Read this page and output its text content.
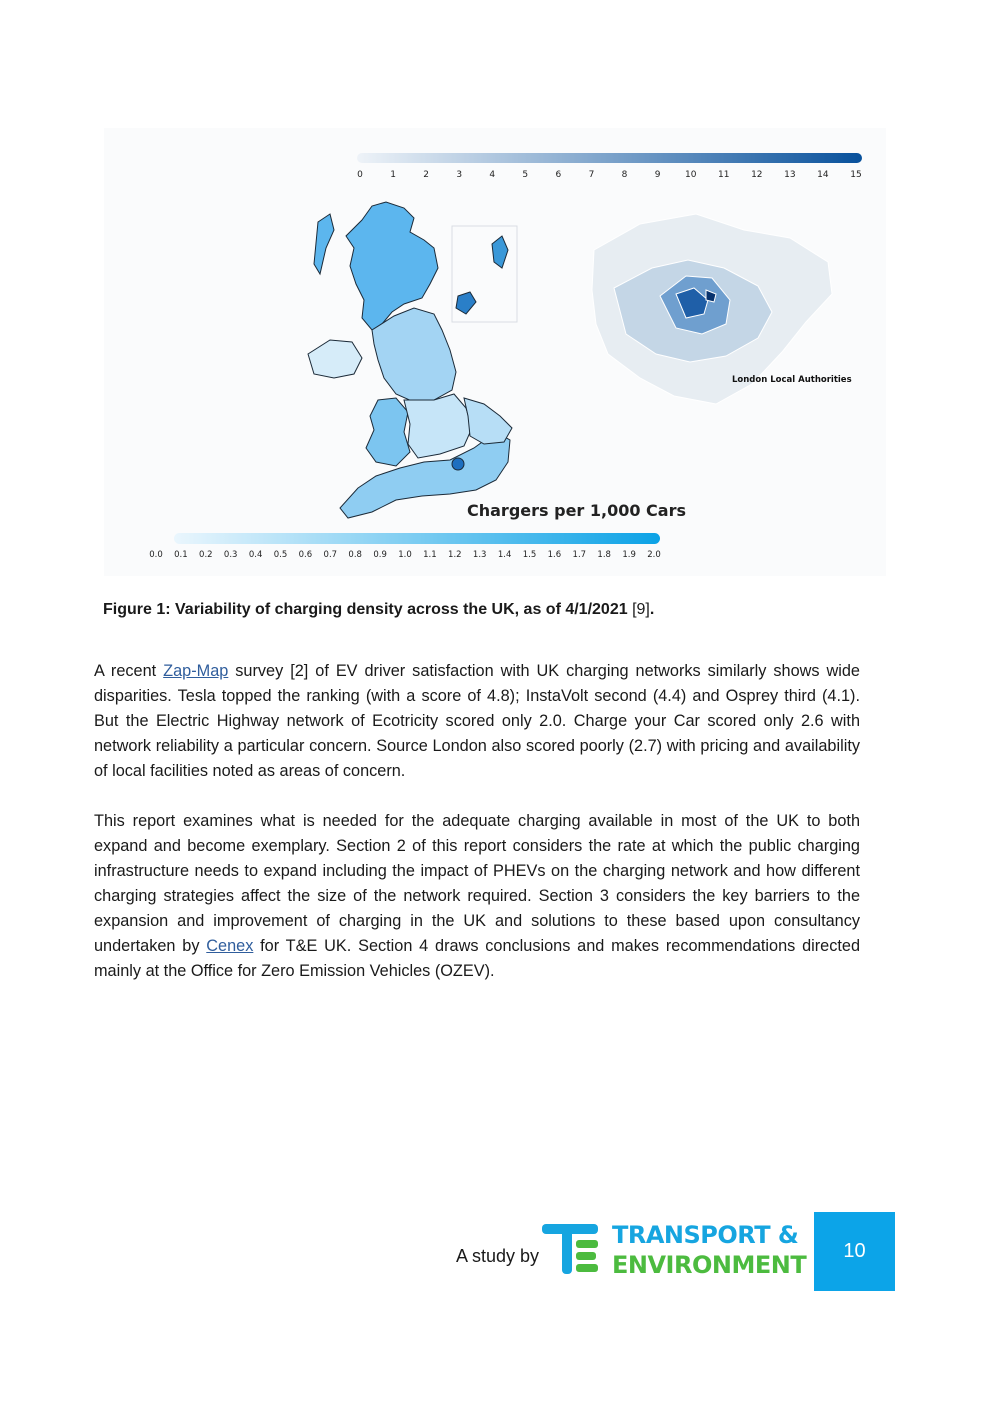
0	1	2	3	4	5	6	7	8	9	10 11 12 13 14 15
London Local Authorities
Chargers per 1,000 Cars
0.0 0.1 0.2 0.3 0.4 0.5 0.6 0.7 0.8 0.9 1.0 1.1 1.2 1.3 1.4 1.5 1.6 1.7 1.8 1.9 2.0
Figure 1: Variability of charging density across the UK, as of 4/1/2021 [9].

A recent Zap-Map survey [2] of EV driver satisfaction with UK charging networks similarly shows wide disparities. Tesla topped the ranking (with a score of 4.8); InstaVolt second (4.4) and Osprey third (4.1). But the Electric Highway network of Ecotricity scored only 2.0. Charge your Car scored only 2.6 with network reliability a particular concern. Source London also scored poorly (2.7) with pricing and availability of local facilities noted as areas of concern.

This report examines what is needed for the adequate charging available in most of the UK to both expand and become exemplary. Section 2 of this report considers the rate at which the public charging infrastructure needs to expand including the impact of PHEVs on the charging network and how different charging strategies affect the size of the network required. Section 3 considers the key barriers to the expansion and improvement of charging in the UK and solutions to these based upon consultancy undertaken by Cenex for T&E UK. Section 4 draws conclusions and makes recommendations directed mainly at the Office for Zero Emission Vehicles (OZEV).

A study by
TRANSPORT &
ENVIRONMENT	10
